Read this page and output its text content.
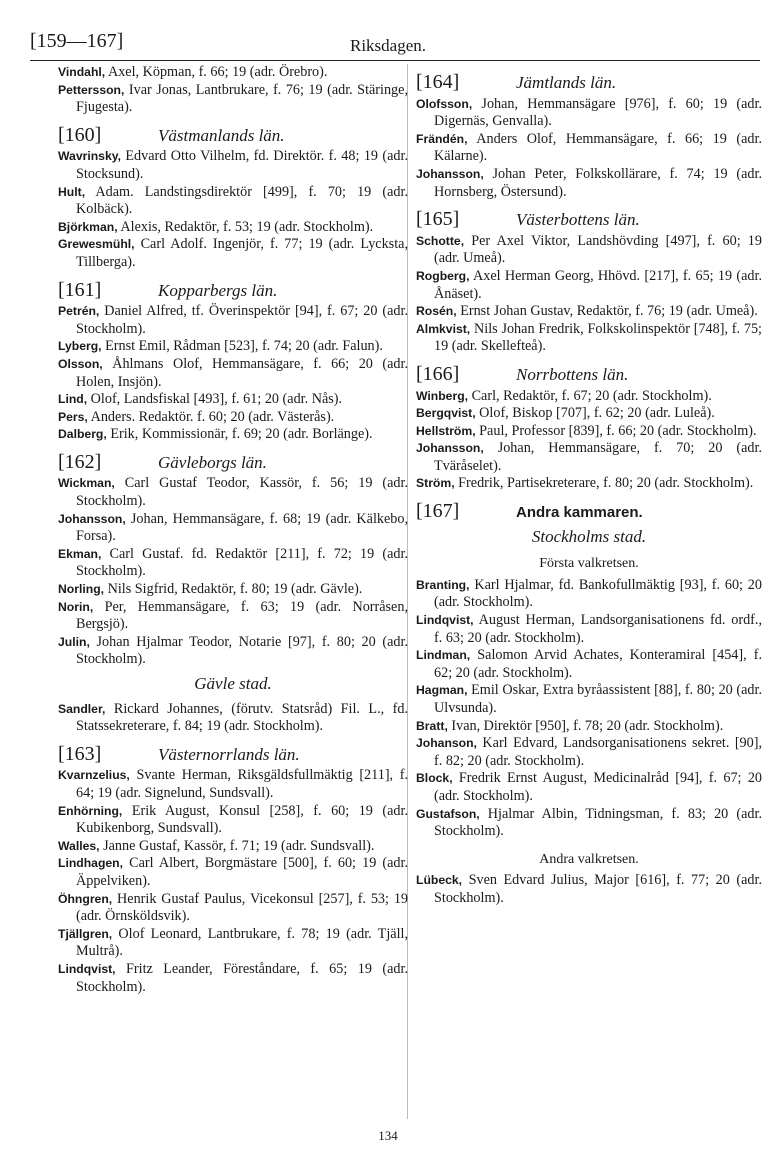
[159—167]	Riksdagen.
Vindahl, Axel, Köpman, f. 66; 19 (adr. Örebro).
Pettersson, Ivar Jonas, Lantbrukare, f. 76; 19 (adr. Stäringe, Fjugesta).
[160]	Västmanlands län.
Wavrinsky, Edvard Otto Vilhelm, fd. Direktör. f. 48; 19 (adr. Stocksund).
Hult, Adam. Landstingsdirektör [499], f. 70; 19 (adr. Kolbäck).
Björkman, Alexis, Redaktör, f. 53; 19 (adr. Stockholm).
Grewesmühl, Carl Adolf. Ingenjör, f. 77; 19 (adr. Lycksta, Tillberga).
[161]	Kopparbergs län.
Petrén, Daniel Alfred, tf. Överinspektör [94], f. 67; 20 (adr. Stockholm).
Lyberg, Ernst Emil, Rådman [523], f. 74; 20 (adr. Falun).
Olsson, Åhlmans Olof, Hemmansägare, f. 66; 20 (adr. Holen, Insjön).
Lind, Olof, Landsfiskal [493], f. 61; 20 (adr. Nås).
Pers, Anders. Redaktör. f. 60; 20 (adr. Västerås).
Dalberg, Erik, Kommissionär, f. 69; 20 (adr. Borlänge).
[162]	Gävleborgs län.
Wickman, Carl Gustaf Teodor, Kassör, f. 56; 19 (adr. Stockholm).
Johansson, Johan, Hemmansägare, f. 68; 19 (adr. Kälkebo, Forsa).
Ekman, Carl Gustaf. fd. Redaktör [211], f. 72; 19 (adr. Stockholm).
Norling, Nils Sigfrid, Redaktör, f. 80; 19 (adr. Gävle).
Norin, Per, Hemmansägare, f. 63; 19 (adr. Norråsen, Bergsjö).
Julin, Johan Hjalmar Teodor, Notarie [97], f. 80; 20 (adr. Stockholm).
Gävle stad.
Sandler, Rickard Johannes, (förutv. Statsråd) Fil. L., fd. Statssekreterare, f. 84; 19 (adr. Stockholm).
[163]	Västernorrlands län.
Kvarnzelius, Svante Herman, Riksgäldsfullmäktig [211], f. 64; 19 (adr. Signelund, Sundsvall).
Enhörning, Erik August, Konsul [258], f. 60; 19 (adr. Kubikenborg, Sundsvall).
Walles, Janne Gustaf, Kassör, f. 71; 19 (adr. Sundsvall).
Lindhagen, Carl Albert, Borgmästare [500], f. 60; 19 (adr. Äppelviken).
Öhngren, Henrik Gustaf Paulus, Vicekonsul [257], f. 53; 19 (adr. Örnsköldsvik).
Tjällgren, Olof Leonard, Lantbrukare, f. 78; 19 (adr. Tjäll, Multrå).
Lindqvist, Fritz Leander, Föreståndare, f. 65; 19 (adr. Stockholm).
[164]	Jämtlands län.
Olofsson, Johan, Hemmansägare [976], f. 60; 19 (adr. Digernäs, Genvalla).
Frändén, Anders Olof, Hemmansägare, f. 66; 19 (adr. Kälarne).
Johansson, Johan Peter, Folkskollärare, f. 74; 19 (adr. Hornsberg, Östersund).
[165]	Västerbottens län.
Schotte, Per Axel Viktor, Landshövding [497], f. 60; 19 (adr. Umeå).
Rogberg, Axel Herman Georg, Hhövd. [217], f. 65; 19 (adr. Ånäset).
Rosén, Ernst Johan Gustav, Redaktör, f. 76; 19 (adr. Umeå).
Almkvist, Nils Johan Fredrik, Folkskolinspektör [748], f. 75; 19 (adr. Skellefteå).
[166]	Norrbottens län.
Winberg, Carl, Redaktör, f. 67; 20 (adr. Stockholm).
Bergqvist, Olof, Biskop [707], f. 62; 20 (adr. Luleå).
Hellström, Paul, Professor [839], f. 66; 20 (adr. Stockholm).
Johansson, Johan, Hemmansägare, f. 70; 20 (adr. Tväråselet).
Ström, Fredrik, Partisekreterare, f. 80; 20 (adr. Stockholm).
[167]	Andra kammaren.
Stockholms stad.
Första valkretsen.
Branting, Karl Hjalmar, fd. Bankofullmäktig [93], f. 60; 20 (adr. Stockholm).
Lindqvist, August Herman, Landsorganisationens fd. ordf., f. 63; 20 (adr. Stockholm).
Lindman, Salomon Arvid Achates, Konteramiral [454], f. 62; 20 (adr. Stockholm).
Hagman, Emil Oskar, Extra byråassistent [88], f. 80; 20 (adr. Ulvsunda).
Bratt, Ivan, Direktör [950], f. 78; 20 (adr. Stockholm).
Johanson, Karl Edvard, Landsorganisationens sekret. [90], f. 82; 20 (adr. Stockholm).
Block, Fredrik Ernst August, Medicinalråd [94], f. 67; 20 (adr. Stockholm).
Gustafson, Hjalmar Albin, Tidningsman, f. 83; 20 (adr. Stockholm).
Andra valkretsen.
Lübeck, Sven Edvard Julius, Major [616], f. 77; 20 (adr. Stockholm).
134
